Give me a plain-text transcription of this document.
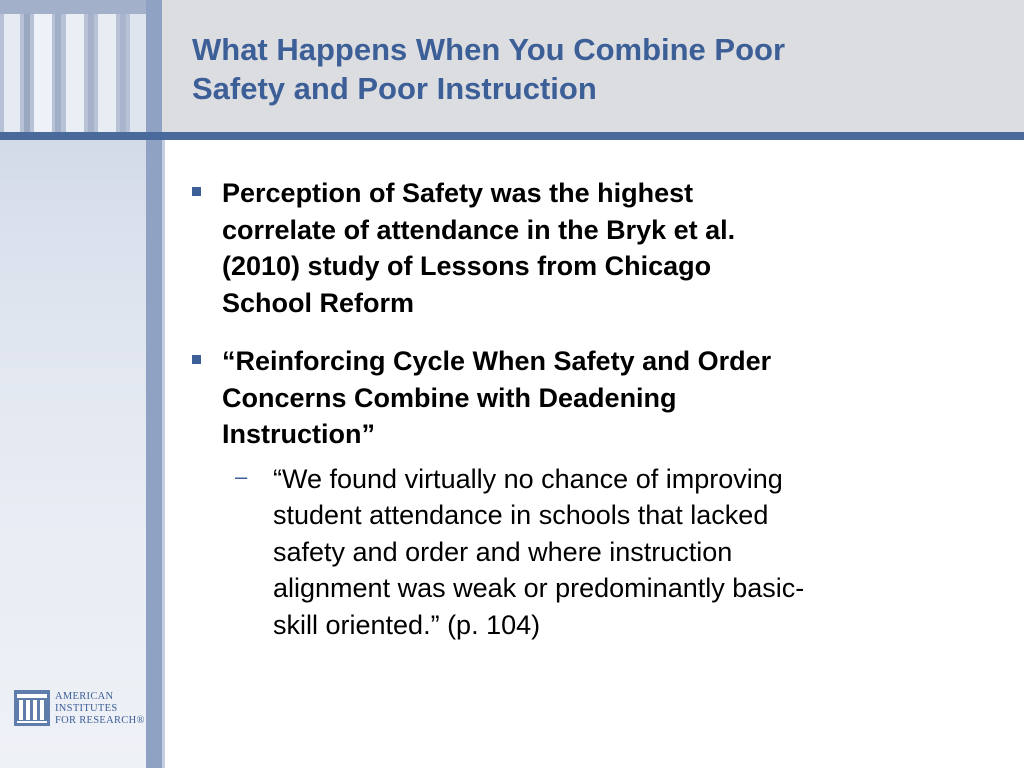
What Happens When You Combine Poor
Safety and Poor Instruction
Perception of Safety was the highest
correlate of attendance in the Bryk et al.
(2010) study of Lessons from Chicago
School Reform
“Reinforcing Cycle When Safety and Order
Concerns Combine with Deadening
Instruction”
– “We found virtually no chance of improving
student attendance in schools that lacked
safety and order and where instruction
alignment was weak or predominantly basic-
skill oriented.” (p. 104)
AMERICAN
INSTITUTES
FOR RESEARCH®
